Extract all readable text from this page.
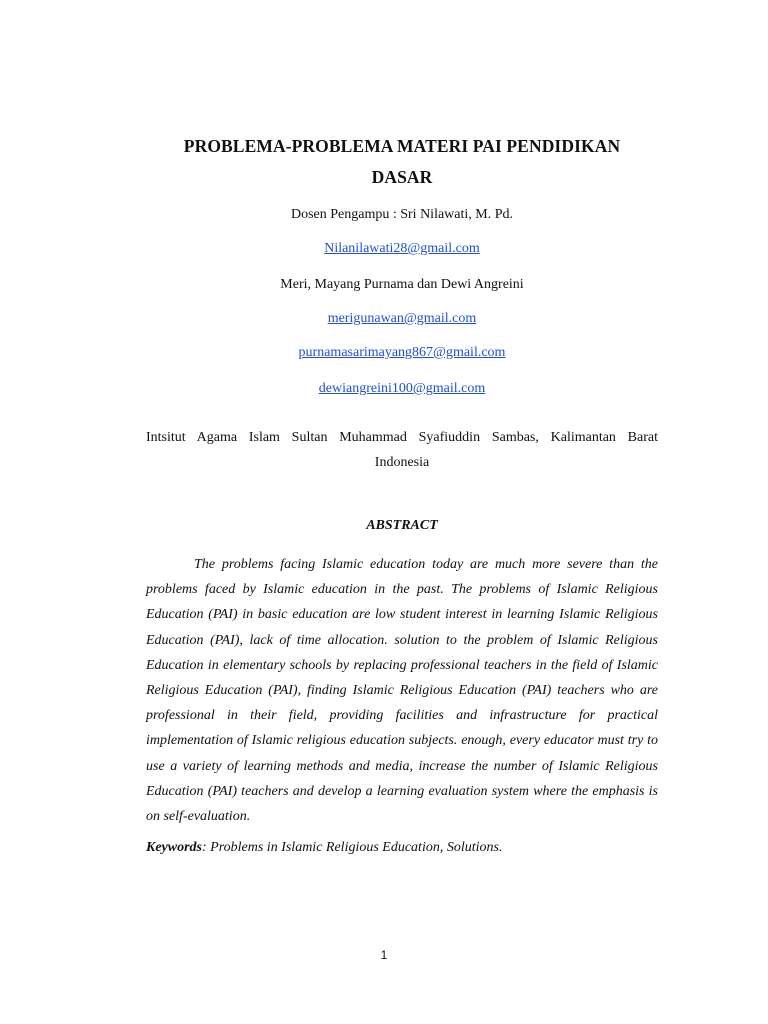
PROBLEMA-PROBLEMA MATERI PAI PENDIDIKAN
DASAR
Dosen Pengampu : Sri Nilawati, M. Pd.
Nilanilawati28@gmail.com
Meri, Mayang Purnama dan Dewi Angreini
merigunawan@gmail.com
purnamasarimayang867@gmail.com
dewiangreini100@gmail.com
Intsitut Agama Islam Sultan Muhammad Syafiuddin Sambas, Kalimantan Barat
Indonesia
ABSTRACT
The problems facing Islamic education today are much more severe than the problems faced by Islamic education in the past. The problems of Islamic Religious Education (PAI) in basic education are low student interest in learning Islamic Religious Education (PAI), lack of time allocation. solution to the problem of Islamic Religious Education in elementary schools by replacing professional teachers in the field of Islamic Religious Education (PAI), finding Islamic Religious Education (PAI) teachers who are professional in their field, providing facilities and infrastructure for practical implementation of Islamic religious education subjects. enough, every educator must try to use a variety of learning methods and media, increase the number of Islamic Religious Education (PAI) teachers and develop a learning evaluation system where the emphasis is on self-evaluation.
Keywords: Problems in Islamic Religious Education, Solutions.
1
